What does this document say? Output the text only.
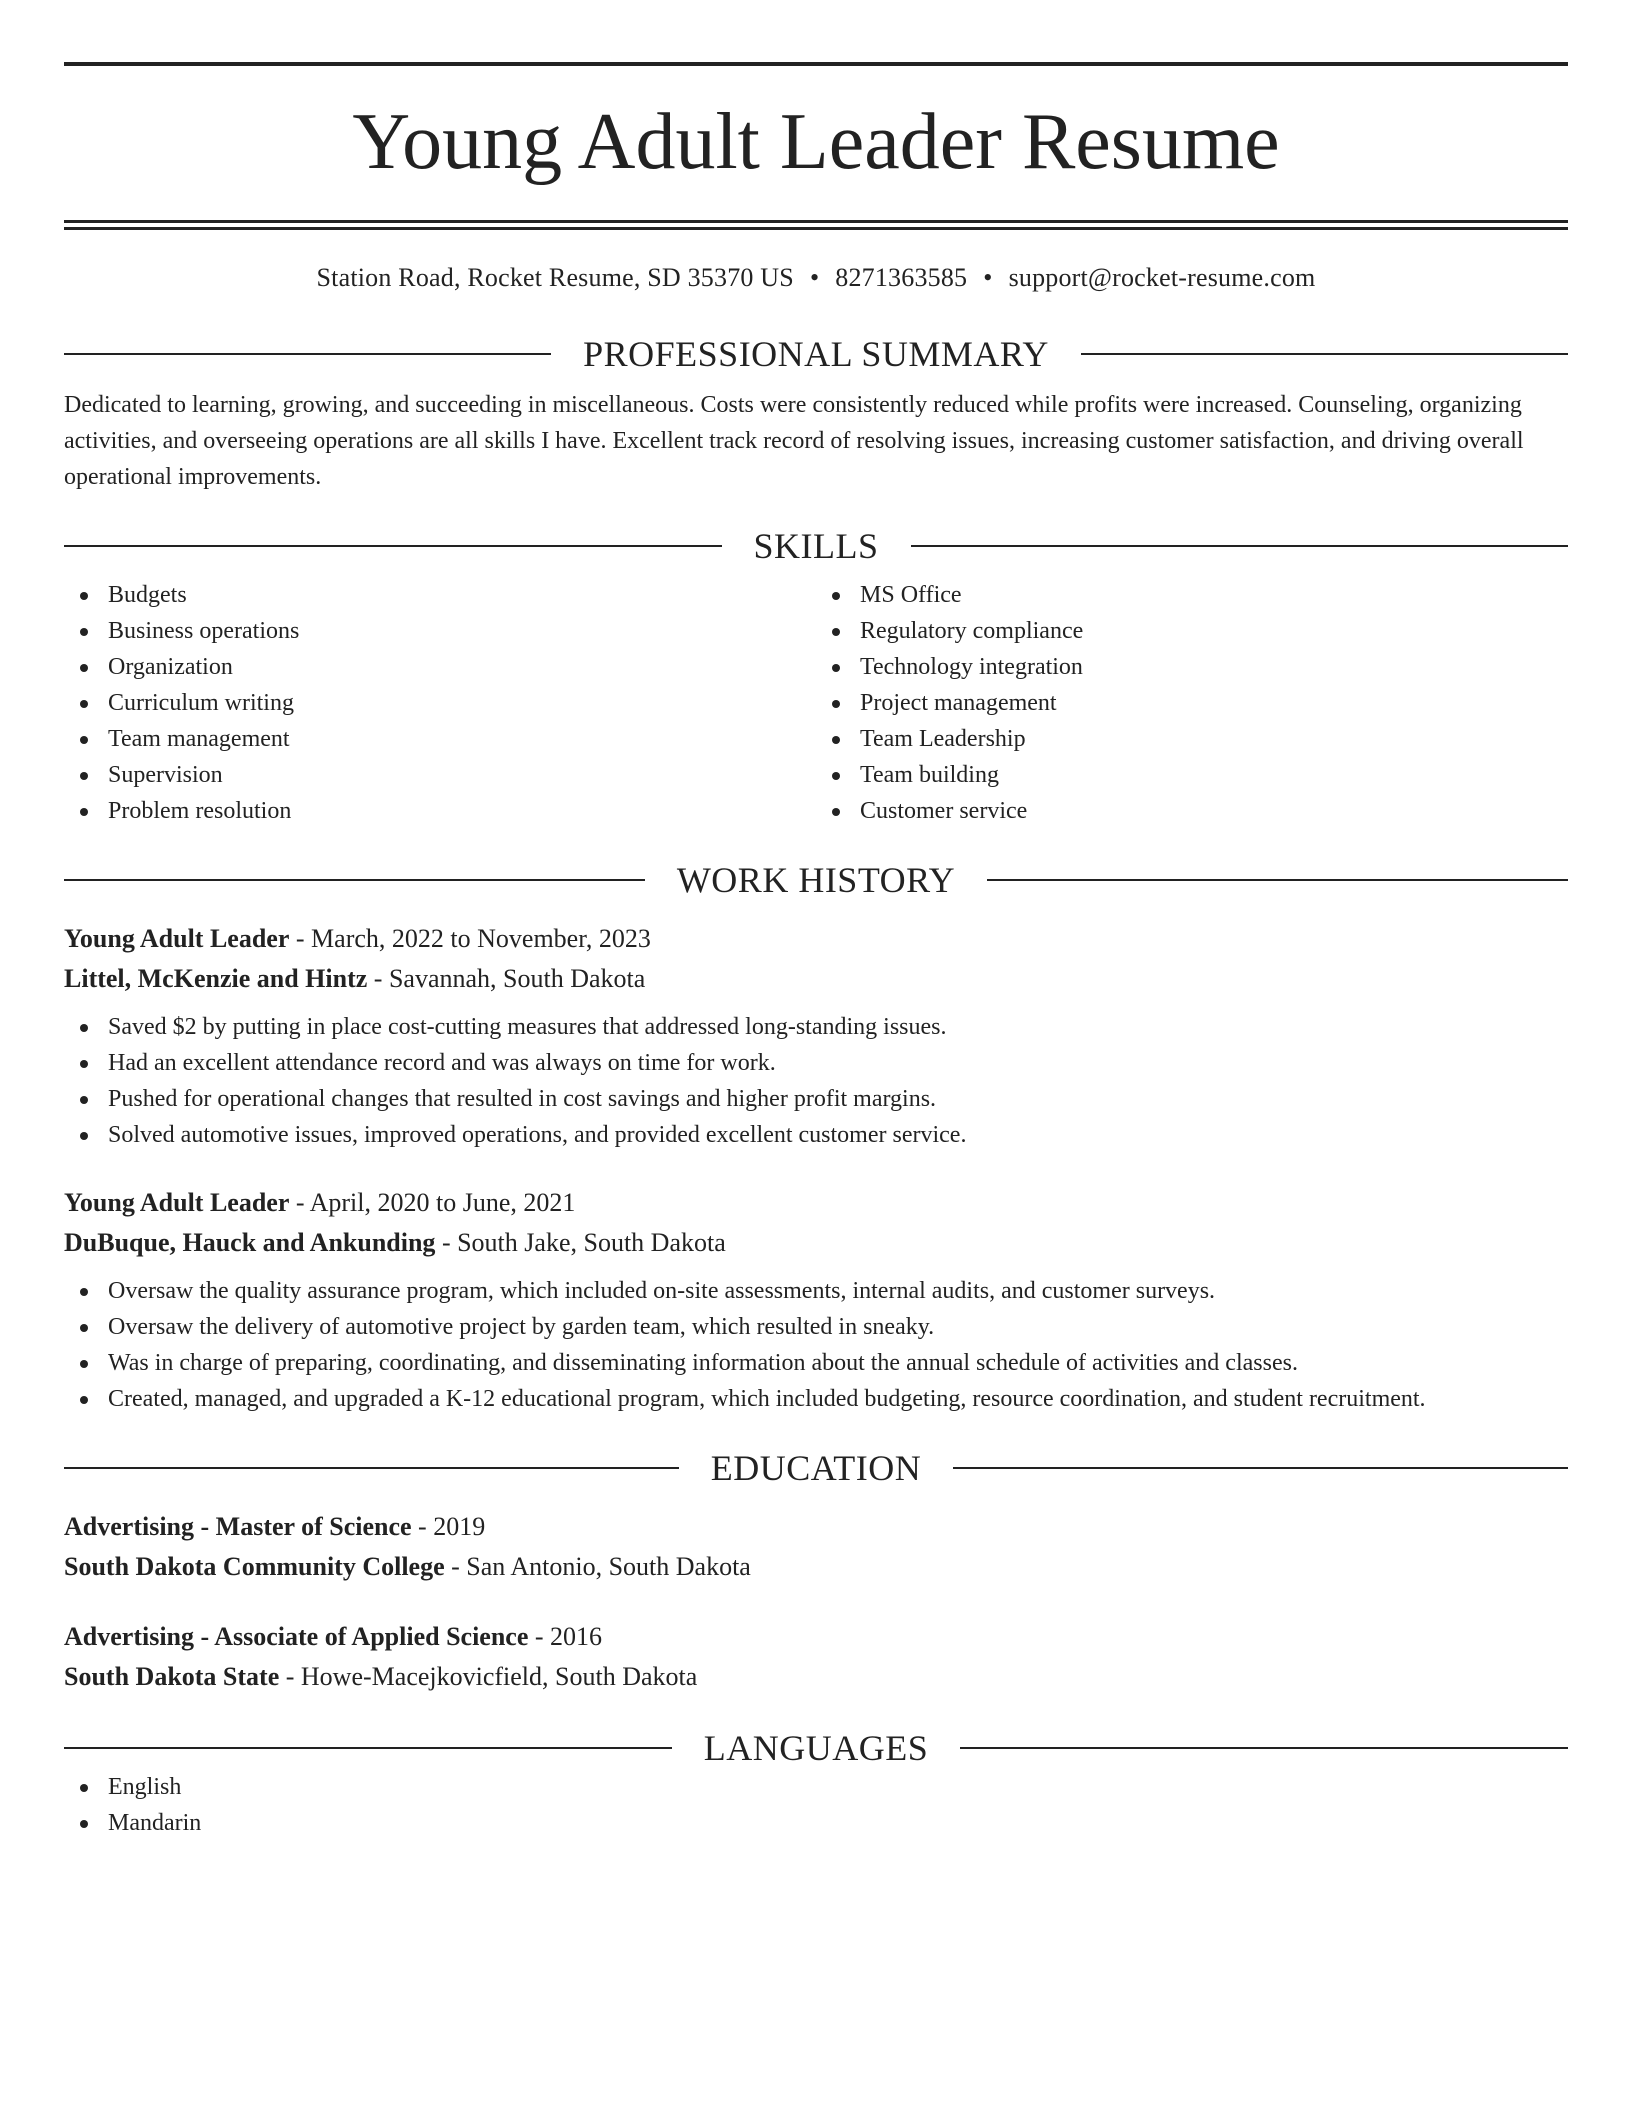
Young Adult Leader Resume
Station Road, Rocket Resume, SD 35370 US • 8271363585 • support@rocket-resume.com
PROFESSIONAL SUMMARY

Dedicated to learning, growing, and succeeding in miscellaneous. Costs were consistently reduced while profits were increased. Counseling, organizing activities, and overseeing operations are all skills I have. Excellent track record of resolving issues, increasing customer satisfaction, and driving overall operational improvements.

SKILLS
Budgets
Business operations
Organization
Curriculum writing
Team management
Supervision
Problem resolution
MS Office
Regulatory compliance
Technology integration
Project management
Team Leadership
Team building
Customer service
WORK HISTORY
Young Adult Leader - March, 2022 to November, 2023
Littel, McKenzie and Hintz - Savannah, South Dakota
Saved $2 by putting in place cost-cutting measures that addressed long-standing issues.
Had an excellent attendance record and was always on time for work.
Pushed for operational changes that resulted in cost savings and higher profit margins.
Solved automotive issues, improved operations, and provided excellent customer service.
Young Adult Leader - April, 2020 to June, 2021
DuBuque, Hauck and Ankunding - South Jake, South Dakota
Oversaw the quality assurance program, which included on-site assessments, internal audits, and customer surveys.
Oversaw the delivery of automotive project by garden team, which resulted in sneaky.
Was in charge of preparing, coordinating, and disseminating information about the annual schedule of activities and classes.
Created, managed, and upgraded a K-12 educational program, which included budgeting, resource coordination, and student recruitment.
EDUCATION
Advertising - Master of Science - 2019
South Dakota Community College - San Antonio, South Dakota
Advertising - Associate of Applied Science - 2016
South Dakota State - Howe-Macejkovicfield, South Dakota
LANGUAGES
English
Mandarin
